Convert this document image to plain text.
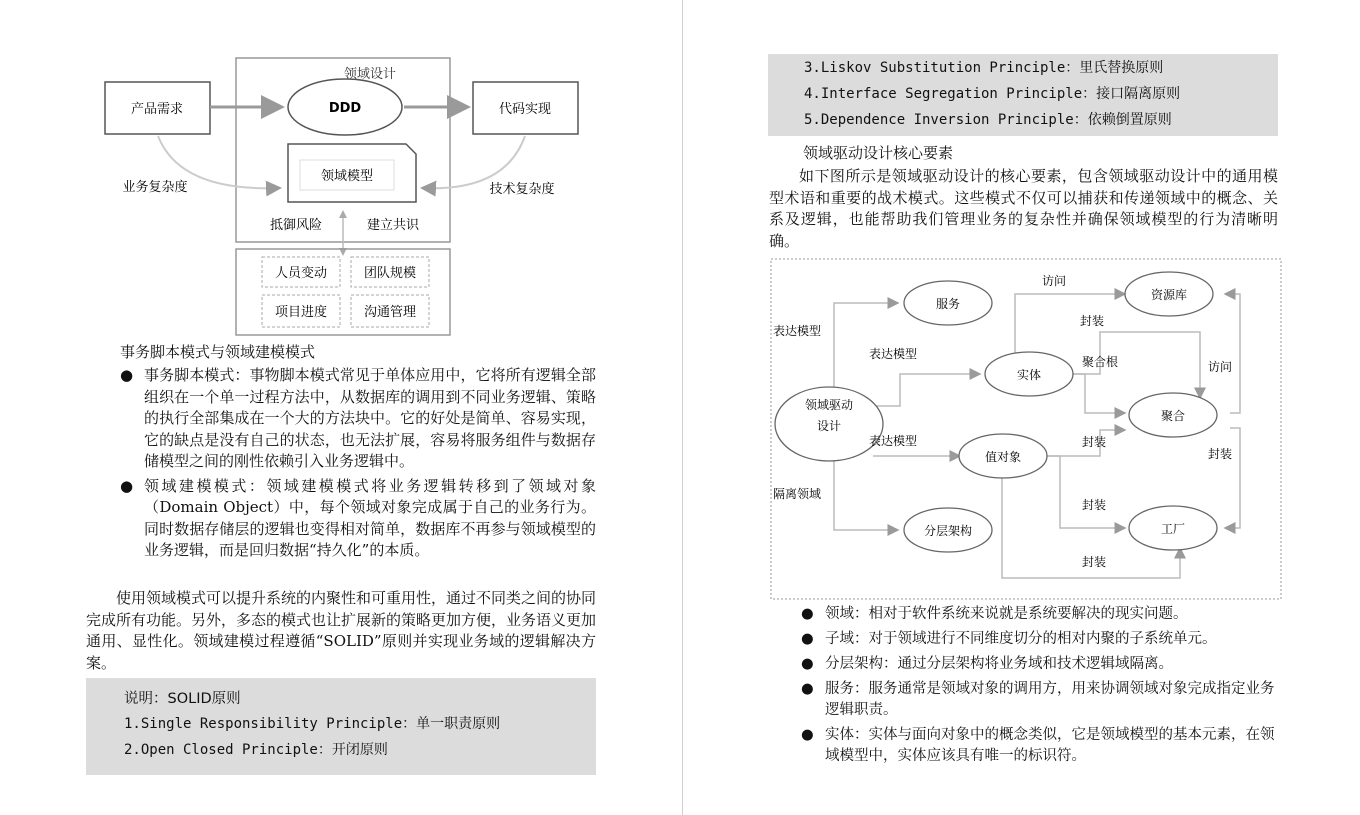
领域设计
DDD
产品需求	代码实现
领域模型
业务复杂度	技术复杂度
抵御风险	建立共识
人员变动	团队规模
项目进度	沟通管理
事务脚本模式与领域建模模式
● 事务脚本模式：事物脚本模式常见于单体应用中，它将所有逻辑全部组织在一个单一过程方法中，从数据库的调用到不同业务逻辑、策略的执行全部集成在一个大的方法块中。它的好处是简单、容易实现，它的缺点是没有自己的状态，也无法扩展，容易将服务组件与数据存储模型之间的刚性依赖引入业务逻辑中。
● 领域建模模式：领域建模模式将业务逻辑转移到了领域对象（Domain Object）中，每个领域对象完成属于自己的业务行为。同时数据存储层的逻辑也变得相对简单，数据库不再参与领域模型的业务逻辑，而是回归数据“持久化”的本质。
使用领域模式可以提升系统的内聚性和可重用性，通过不同类之间的协同完成所有功能。另外，多态的模式也让扩展新的策略更加方便，业务语义更加通用、显性化。领域建模过程遵循“SOLID”原则并实现业务域的逻辑解决方案。
说明：SOLID原则
1.Single Responsibility Principle：单一职责原则
2.Open Closed Principle：开闭原则
3.Liskov Substitution Principle：里氏替换原则
4.Interface Segregation Principle：接口隔离原则
5.Dependence Inversion Principle：依赖倒置原则
领域驱动设计核心要素
如下图所示是领域驱动设计的核心要素，包含领域驱动设计中的通用模型术语和重要的战术模式。这些模式不仅可以捕获和传递领域中的概念、关系及逻辑，也能帮助我们管理业务的复杂性并确保领域模型的行为清晰明确。
领域驱动
设计
服务
实体
值对象
分层架构
资源库
聚合
工厂
表达模型
表达模型
表达模型
隔离领域
访问
封装
聚合根
封装
封装
封装
访问
封装
● 领域：相对于软件系统来说就是系统要解决的现实问题。
● 子域：对于领域进行不同维度切分的相对内聚的子系统单元。
● 分层架构：通过分层架构将业务域和技术逻辑域隔离。
● 服务：服务通常是领域对象的调用方，用来协调领域对象完成指定业务逻辑职责。
● 实体：实体与面向对象中的概念类似，它是领域模型的基本元素，在领域模型中，实体应该具有唯一的标识符。
